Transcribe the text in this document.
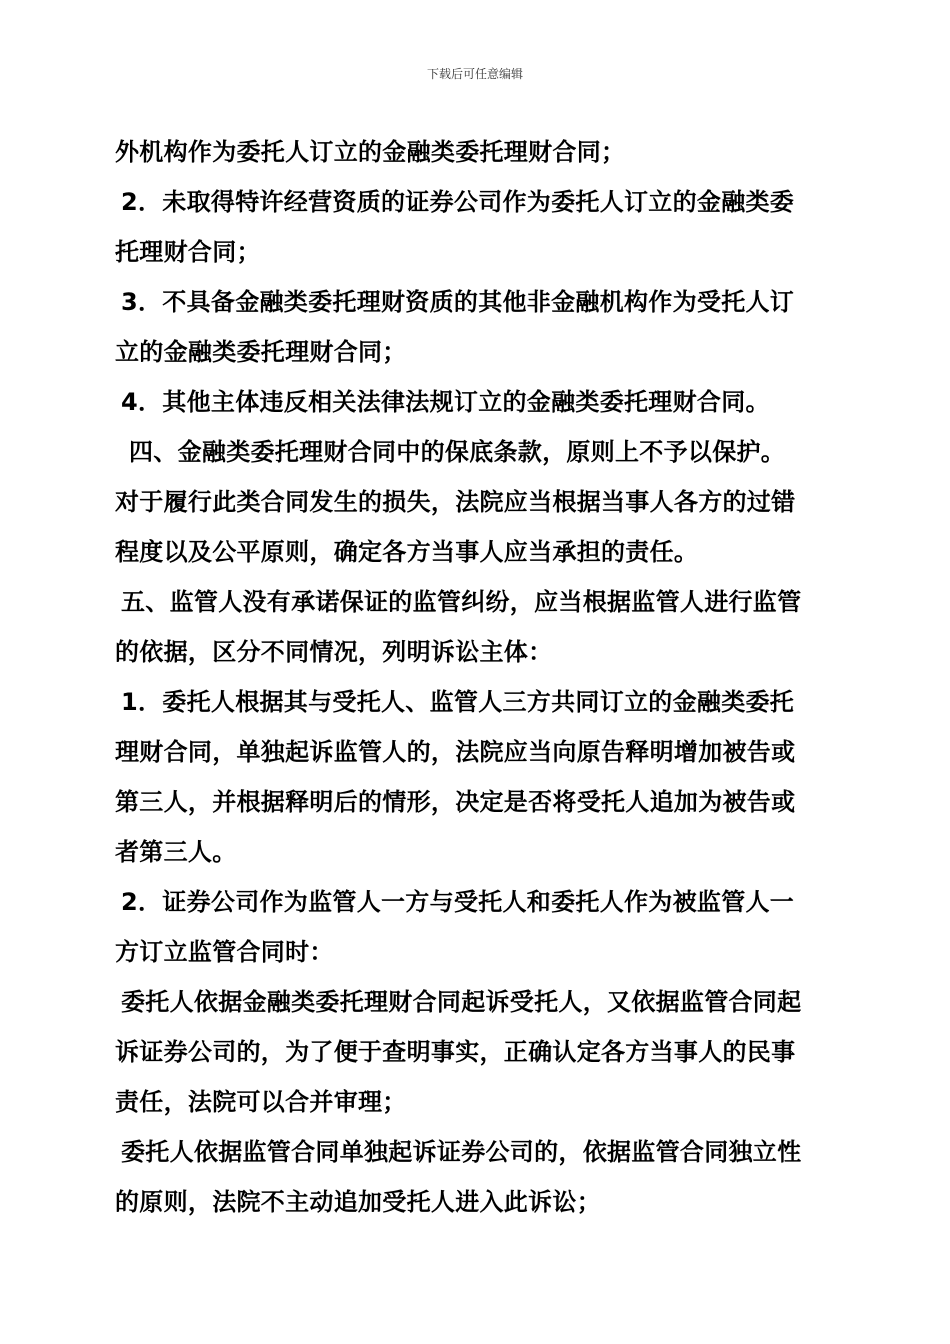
下载后可任意编辑
外机构作为委托人订立的金融类委托理财合同；
2．未取得特许经营资质的证券公司作为委托人订立的金融类委
托理财合同；
3．不具备金融类委托理财资质的其他非金融机构作为受托人订
立的金融类委托理财合同；
4．其他主体违反相关法律法规订立的金融类委托理财合同。
四、金融类委托理财合同中的保底条款，原则上不予以保护。
对于履行此类合同发生的损失，法院应当根据当事人各方的过错
程度以及公平原则，确定各方当事人应当承担的责任。
五、监管人没有承诺保证的监管纠纷，应当根据监管人进行监管
的依据，区分不同情况，列明诉讼主体：
1．委托人根据其与受托人、监管人三方共同订立的金融类委托
理财合同，单独起诉监管人的，法院应当向原告释明增加被告或
第三人，并根据释明后的情形，决定是否将受托人追加为被告或
者第三人。
2．证券公司作为监管人一方与受托人和委托人作为被监管人一
方订立监管合同时：
委托人依据金融类委托理财合同起诉受托人，又依据监管合同起
诉证券公司的，为了便于查明事实，正确认定各方当事人的民事
责任，法院可以合并审理；
委托人依据监管合同单独起诉证券公司的，依据监管合同独立性
的原则，法院不主动追加受托人进入此诉讼；
